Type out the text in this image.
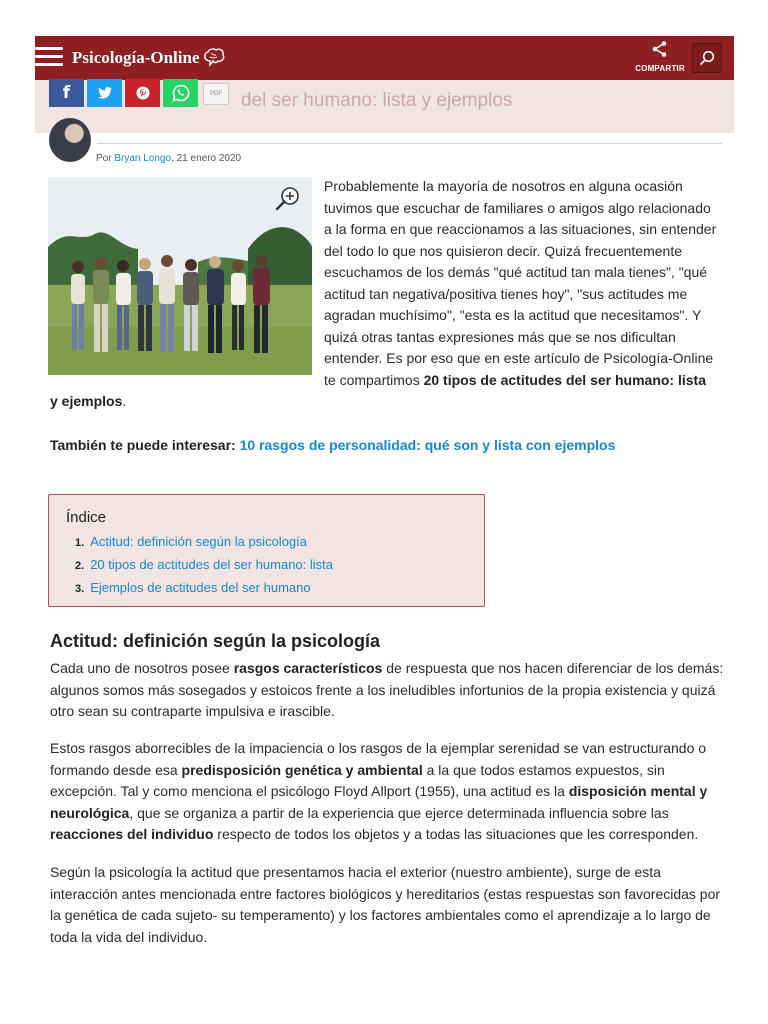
Psicología-Online
COMPARTIR
del ser humano: lista y ejemplos
f	PDF
Por Bryan Longo. 21 enero 2020
Probablemente la mayoría de nosotros en alguna ocasión tuvimos que escuchar de familiares o amigos algo relacionado a la forma en que reaccionamos a las situaciones, sin entender del todo lo que nos quisieron decir. Quizá frecuentemente escuchamos de los demás "qué actitud tan mala tienes", "qué actitud tan negativa/positiva tienes hoy", "sus actitudes me agradan muchísimo", "esta es la actitud que necesitamos". Y quizá otras tantas expresiones más que se nos dificultan entender. Es por eso que en este artículo de Psicología-Online te compartimos 20 tipos de actitudes del ser humano: lista
y ejemplos.
También te puede interesar: 10 rasgos de personalidad: qué son y lista con ejemplos
Índice
1. Actitud: definición según la psicología
2. 20 tipos de actitudes del ser humano: lista
3. Ejemplos de actitudes del ser humano
Actitud: definición según la psicología
Cada uno de nosotros posee rasgos característicos de respuesta que nos hacen diferenciar de los demás: algunos somos más sosegados y estoicos frente a los ineludibles infortunios de la propia existencia y quizá otro sean su contraparte impulsiva e irascible.
Estos rasgos aborrecibles de la impaciencia o los rasgos de la ejemplar serenidad se van estructurando o formando desde esa predisposición genética y ambiental a la que todos estamos expuestos, sin excepción. Tal y como menciona el psicólogo Floyd Allport (1955), una actitud es la disposición mental y neurológica, que se organiza a partir de la experiencia que ejerce determinada influencia sobre las reacciones del individuo respecto de todos los objetos y a todas las situaciones que les corresponden.
Según la psicología la actitud que presentamos hacia el exterior (nuestro ambiente), surge de esta interacción antes mencionada entre factores biológicos y hereditarios (estas respuestas son favorecidas por la genética de cada sujeto- su temperamento) y los factores ambientales como el aprendizaje a lo largo de toda la vida del individuo.
